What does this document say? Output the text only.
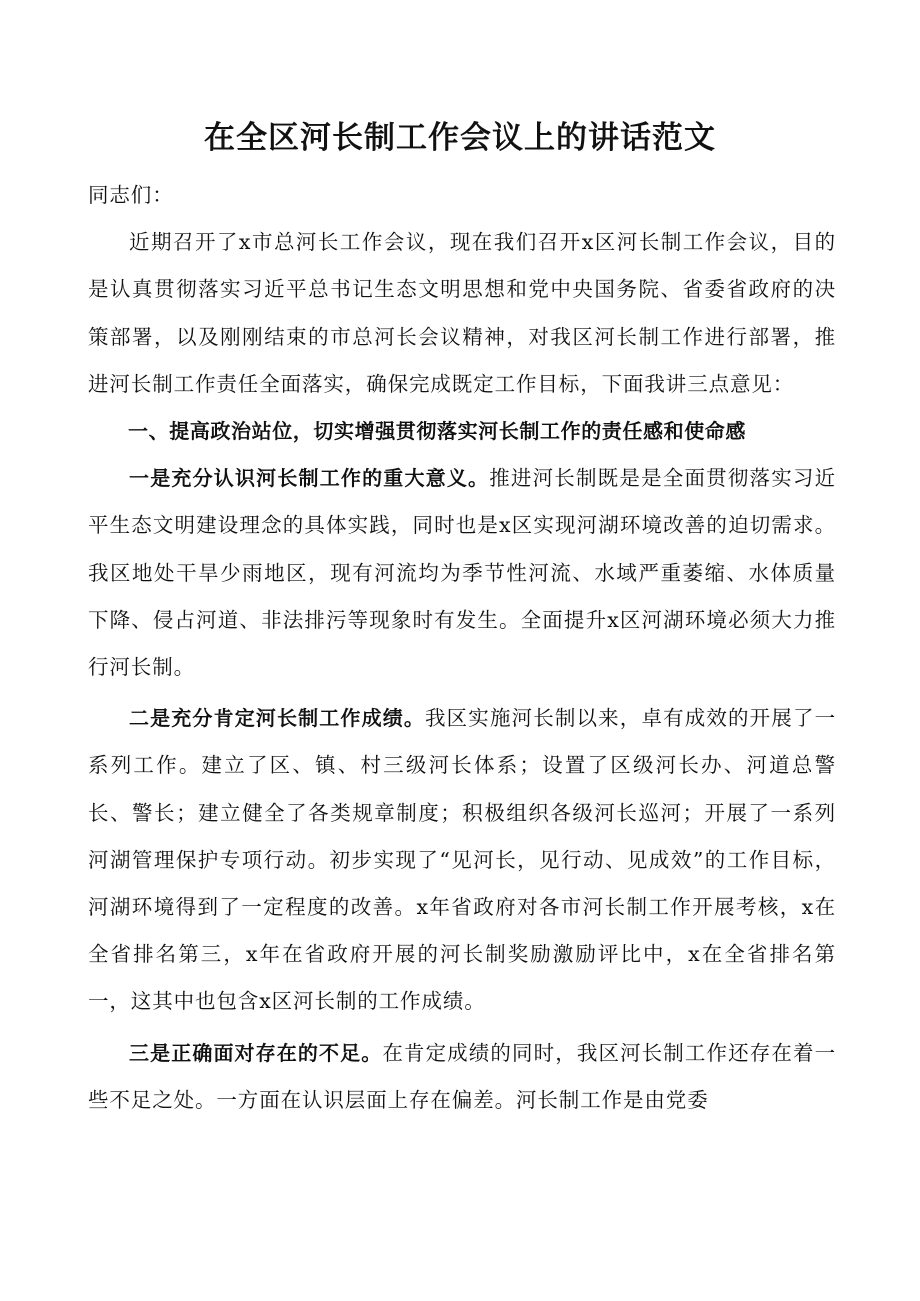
在全区河长制工作会议上的讲话范文

同志们：

近期召开了x市总河长工作会议，现在我们召开x区河长制工作会议，目的是认真贯彻落实习近平总书记生态文明思想和党中央国务院、省委省政府的决策部署，以及刚刚结束的市总河长会议精神，对我区河长制工作进行部署，推进河长制工作责任全面落实，确保完成既定工作目标，下面我讲三点意见：

一、提高政治站位，切实增强贯彻落实河长制工作的责任感和使命感

一是充分认识河长制工作的重大意义。推进河长制既是是全面贯彻落实习近平生态文明建设理念的具体实践，同时也是x区实现河湖环境改善的迫切需求。我区地处干旱少雨地区，现有河流均为季节性河流、水域严重萎缩、水体质量下降、侵占河道、非法排污等现象时有发生。全面提升x区河湖环境必须大力推行河长制。

二是充分肯定河长制工作成绩。我区实施河长制以来，卓有成效的开展了一系列工作。建立了区、镇、村三级河长体系；设置了区级河长办、河道总警长、警长；建立健全了各类规章制度；积极组织各级河长巡河；开展了一系列河湖管理保护专项行动。初步实现了“见河长，见行动、见成效”的工作目标，河湖环境得到了一定程度的改善。x年省政府对各市河长制工作开展考核，x在全省排名第三，x年在省政府开展的河长制奖励激励评比中，x在全省排名第一，这其中也包含x区河长制的工作成绩。

三是正确面对存在的不足。在肯定成绩的同时，我区河长制工作还存在着一些不足之处。一方面在认识层面上存在偏差。河长制工作是由党委
